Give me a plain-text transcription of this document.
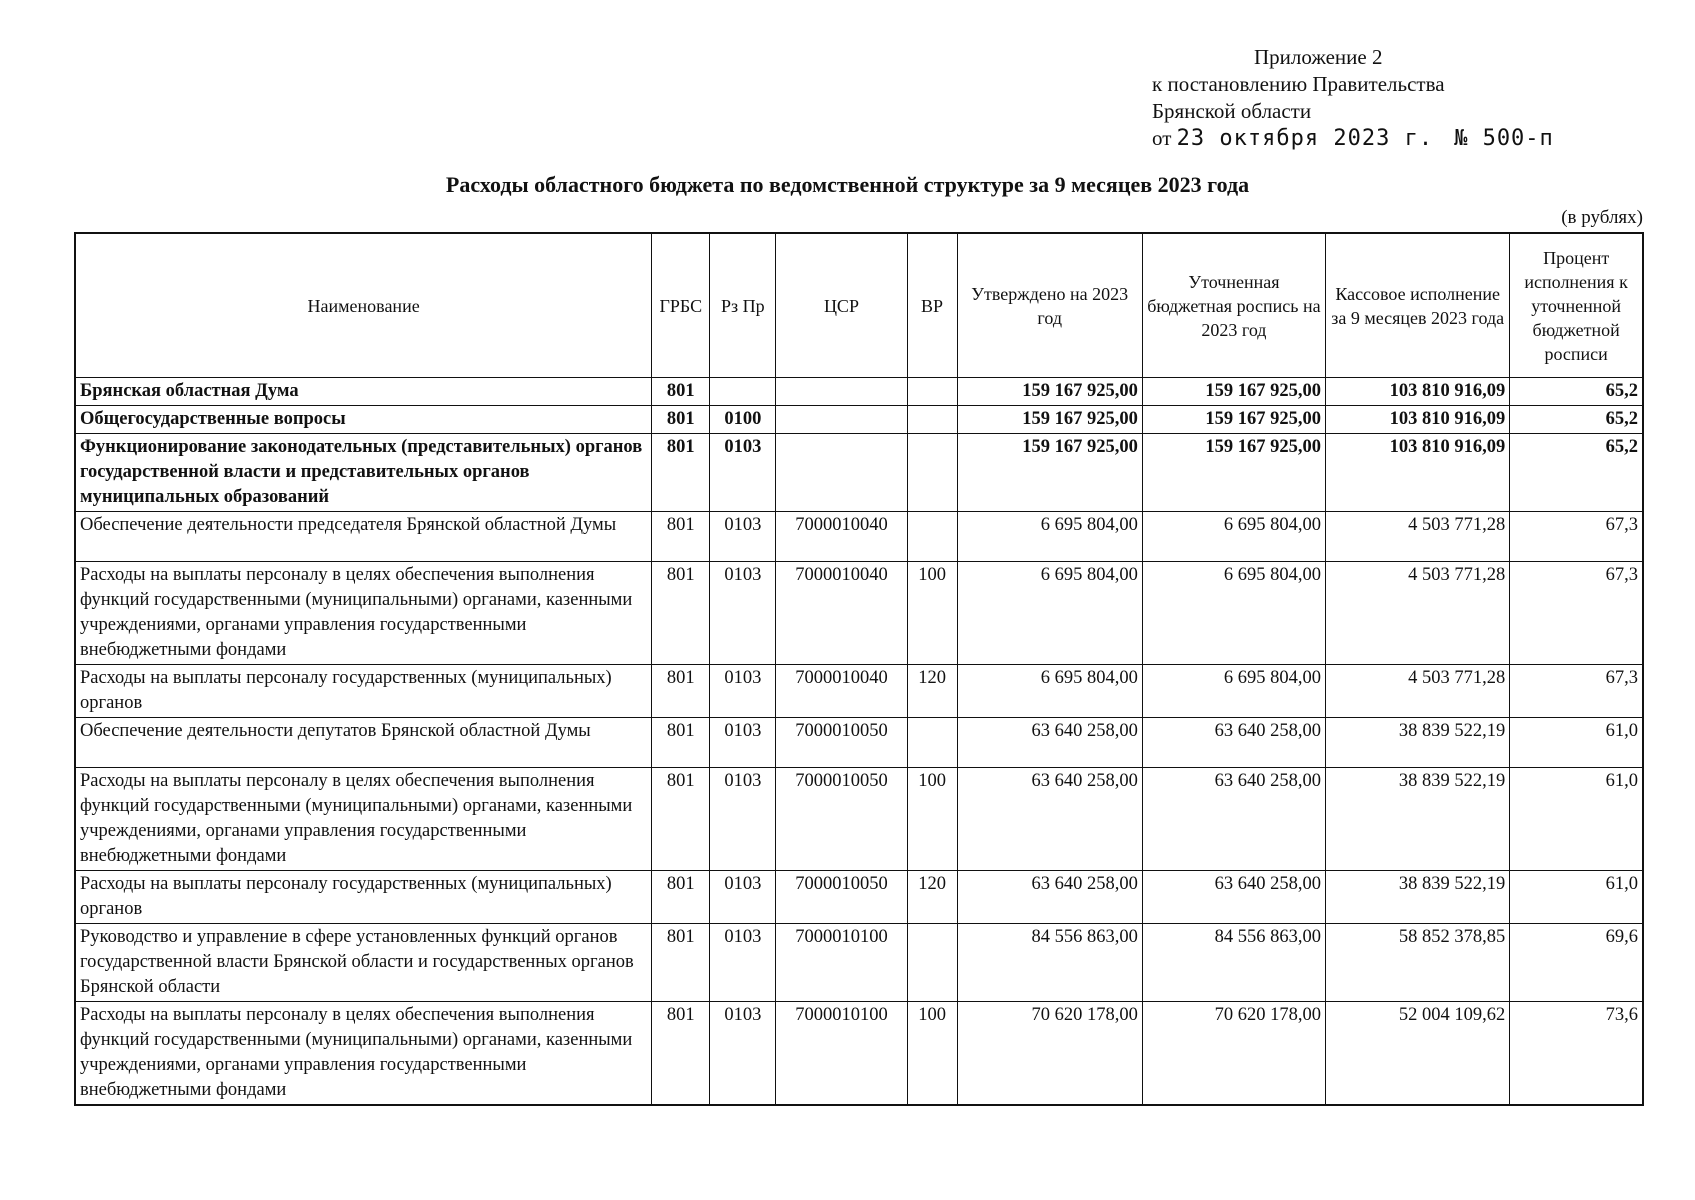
Приложение 2
к постановлению Правительства
Брянской области
от 23 октября 2023 г. № 500-п
Расходы областного бюджета по ведомственной структуре за 9 месяцев 2023 года
(в рублях)
Наименование	ГРБС	Рз Пр	ЦСР	ВР	Утверждено на 2023 год	Уточненная бюджетная роспись на 2023 год	Кассовое исполнение за 9 месяцев 2023 года	Процент исполнения к уточненной бюджетной росписи
Брянская областная Дума	801				159 167 925,00	159 167 925,00	103 810 916,09	65,2
Общегосударственные вопросы	801	0100			159 167 925,00	159 167 925,00	103 810 916,09	65,2
Функционирование законодательных (представительных) органов государственной власти и представительных органов муниципальных образований	801	0103			159 167 925,00	159 167 925,00	103 810 916,09	65,2
Обеспечение деятельности председателя Брянской областной Думы	801	0103	7000010040		6 695 804,00	6 695 804,00	4 503 771,28	67,3
Расходы на выплаты персоналу в целях обеспечения выполнения функций государственными (муниципальными) органами, казенными учреждениями, органами управления государственными внебюджетными фондами	801	0103	7000010040	100	6 695 804,00	6 695 804,00	4 503 771,28	67,3
Расходы на выплаты персоналу государственных (муниципальных) органов	801	0103	7000010040	120	6 695 804,00	6 695 804,00	4 503 771,28	67,3
Обеспечение деятельности депутатов Брянской областной Думы	801	0103	7000010050		63 640 258,00	63 640 258,00	38 839 522,19	61,0
Расходы на выплаты персоналу в целях обеспечения выполнения функций государственными (муниципальными) органами, казенными учреждениями, органами управления государственными внебюджетными фондами	801	0103	7000010050	100	63 640 258,00	63 640 258,00	38 839 522,19	61,0
Расходы на выплаты персоналу государственных (муниципальных) органов	801	0103	7000010050	120	63 640 258,00	63 640 258,00	38 839 522,19	61,0
Руководство и управление в сфере установленных функций органов государственной власти Брянской области и государственных органов Брянской области	801	0103	7000010100		84 556 863,00	84 556 863,00	58 852 378,85	69,6
Расходы на выплаты персоналу в целях обеспечения выполнения функций государственными (муниципальными) органами, казенными учреждениями, органами управления государственными внебюджетными фондами	801	0103	7000010100	100	70 620 178,00	70 620 178,00	52 004 109,62	73,6
